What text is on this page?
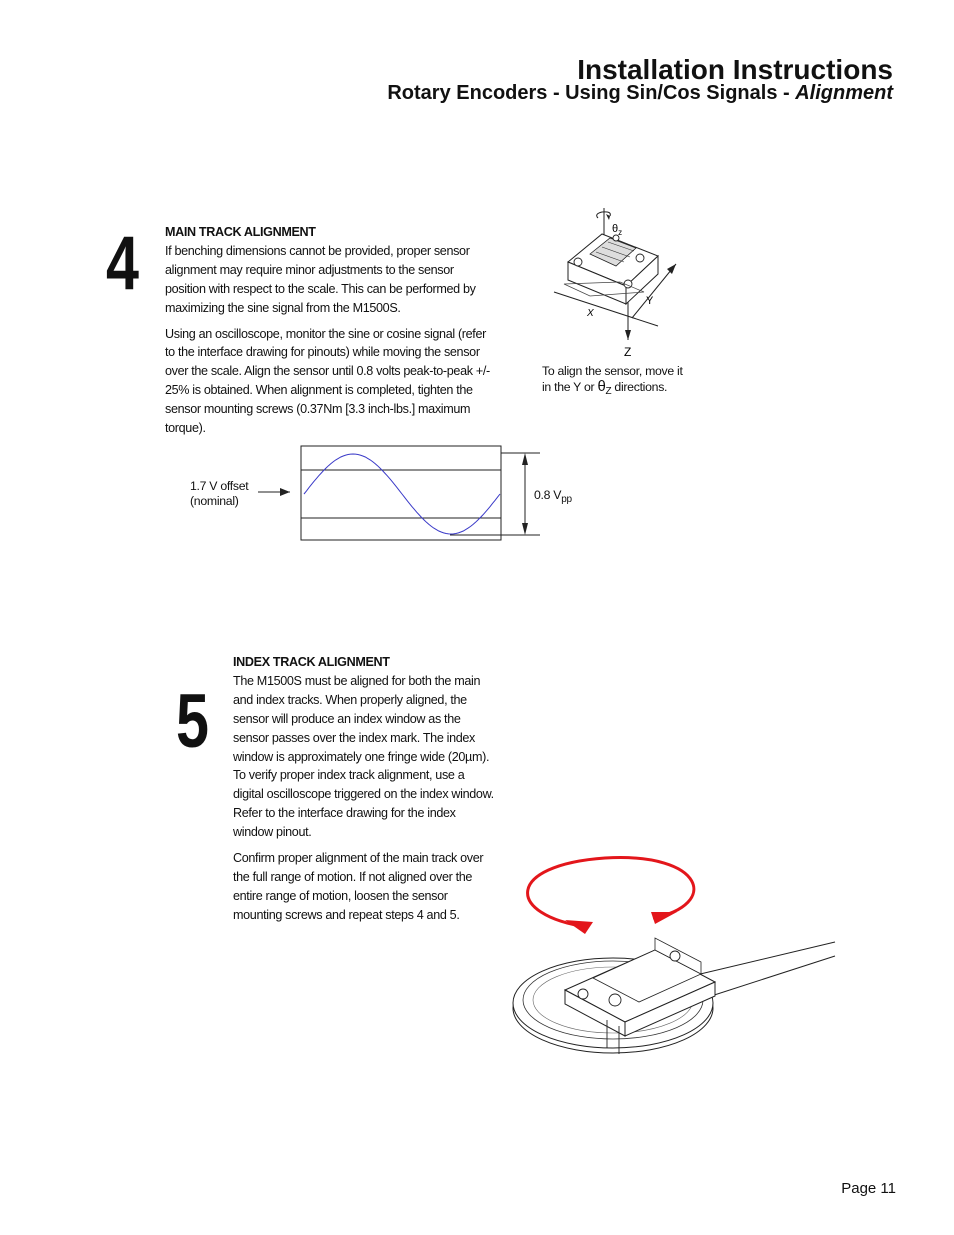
Installation Instructions
Rotary Encoders - Using Sin/Cos Signals - Alignment
4 MAIN TRACK ALIGNMENT

If benching dimensions cannot be provided, proper sensor alignment may require minor adjustments to the sensor position with respect to the scale. This can be performed by maximizing the sine signal from the M1500S.

Using an oscilloscope, monitor the sine or cosine signal (refer to the interface drawing for pinouts) while moving the sensor over the scale. Align the sensor until 0.8 volts peak-to-peak +/- 25% is obtained. When alignment is completed, tighten the sensor mounting screws (0.37Nm [3.3 inch-lbs.] maximum torque).

$\theta_z$
X
Y
Z
To align the sensor, move it
in the Y or $\theta_Z$ directions.
1.7 V offset
(nominal)	0.8 $V_{pp}$
5
INDEX TRACK ALIGNMENT

The M1500S must be aligned for both the main and index tracks. When properly aligned, the sensor will produce an index window as the sensor passes over the index mark. The index window is approximately one fringe wide (20µm). To verify proper index track alignment, use a digital oscilloscope triggered on the index window. Refer to the interface drawing for the index window pinout.

Confirm proper alignment of the main track over the full range of motion. If not aligned over the entire range of motion, loosen the sensor mounting screws and repeat steps 4 and 5.

Page 11
